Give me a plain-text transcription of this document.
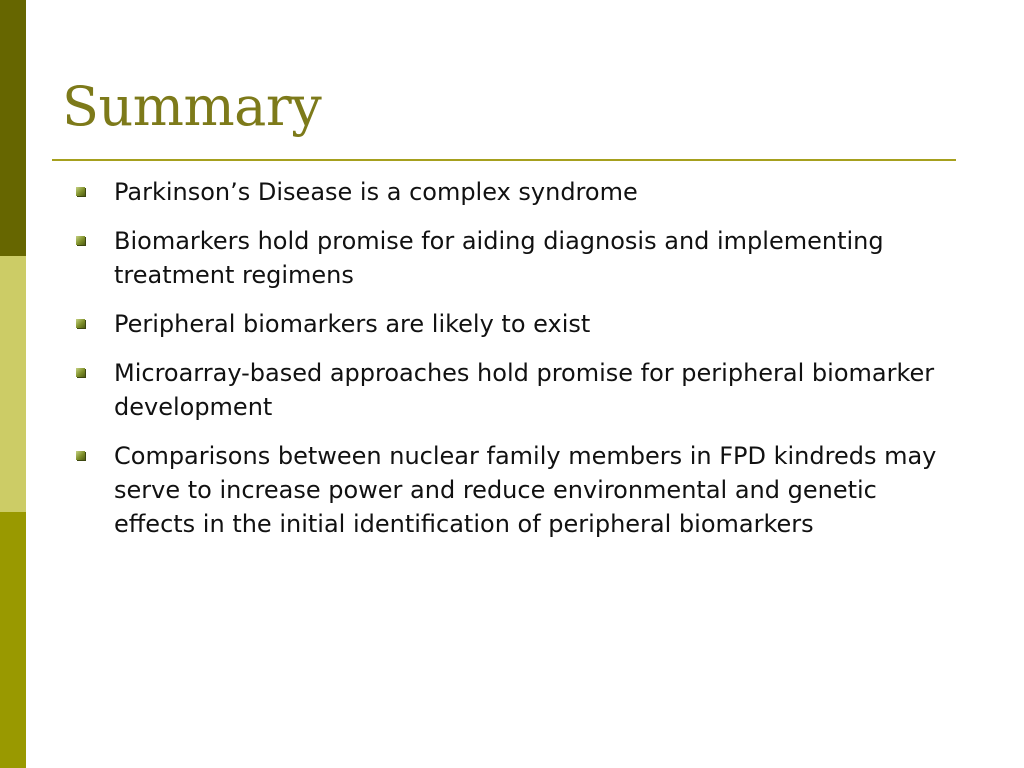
Summary
Parkinson’s Disease is a complex syndrome
Biomarkers hold promise for aiding diagnosis and implementing treatment regimens
Peripheral biomarkers are likely to exist
Microarray-based approaches hold promise for peripheral biomarker development
Comparisons between nuclear family members in FPD kindreds may serve to increase power and reduce environmental and genetic effects in the initial identification of peripheral biomarkers
